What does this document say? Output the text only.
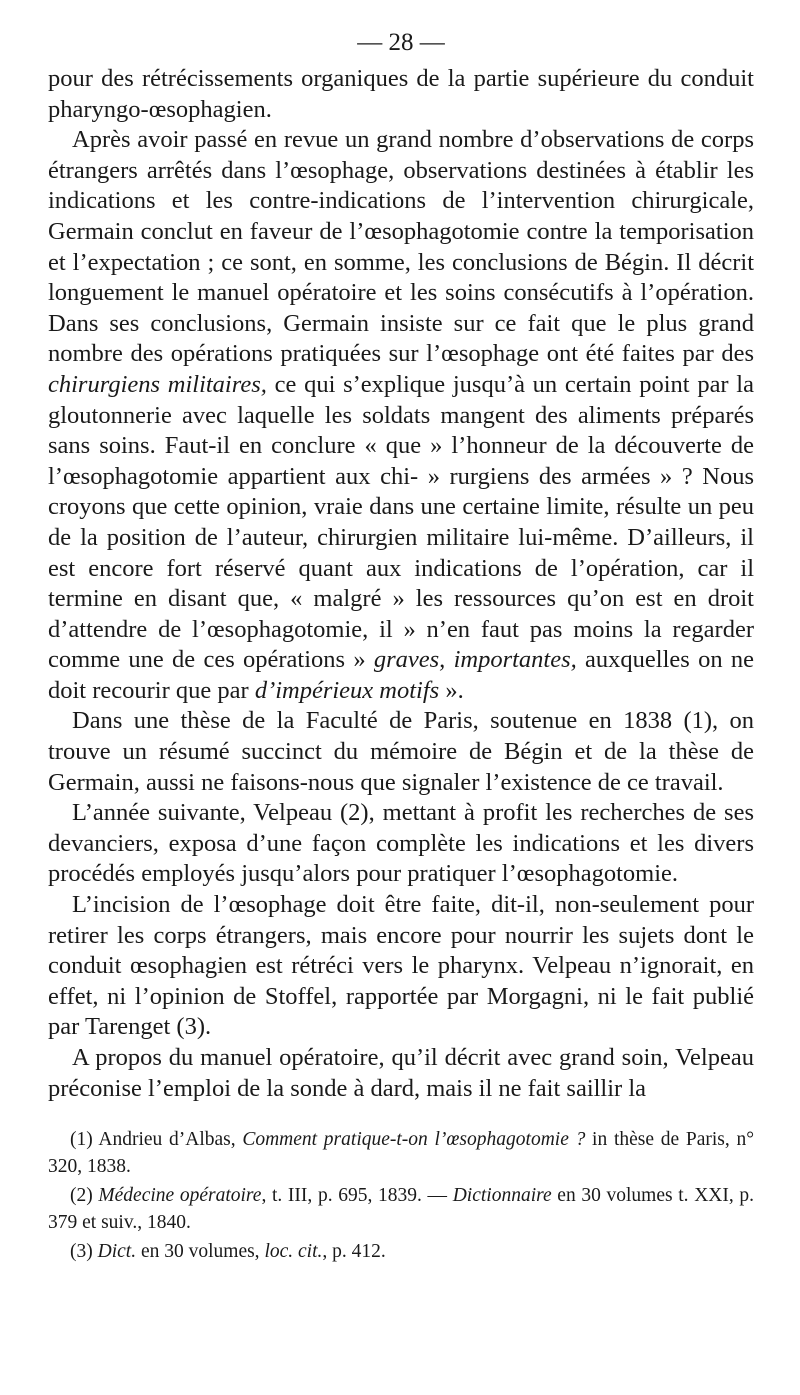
— 28 —

pour des rétrécissements organiques de la partie supérieure du conduit pharyngo-œsophagien.

Après avoir passé en revue un grand nombre d’observations de corps étrangers arrêtés dans l’œsophage, observations destinées à établir les indications et les contre-indications de l’intervention chirurgicale, Germain conclut en faveur de l’œsophagotomie contre la temporisation et l’expectation ; ce sont, en somme, les conclusions de Bégin. Il décrit longuement le manuel opératoire et les soins consécutifs à l’opération. Dans ses conclusions, Germain insiste sur ce fait que le plus grand nombre des opérations pratiquées sur l’œsophage ont été faites par des chirurgiens militaires, ce qui s’explique jusqu’à un certain point par la gloutonnerie avec laquelle les soldats mangent des aliments préparés sans soins. Faut-il en conclure « que » l’honneur de la découverte de l’œsophagotomie appartient aux chi- » rurgiens des armées » ? Nous croyons que cette opinion, vraie dans une certaine limite, résulte un peu de la position de l’auteur, chirurgien militaire lui-même. D’ailleurs, il est encore fort réservé quant aux indications de l’opération, car il termine en disant que, « malgré » les ressources qu’on est en droit d’attendre de l’œsophagotomie, il » n’en faut pas moins la regarder comme une de ces opérations » graves, importantes, auxquelles on ne doit recourir que par d’impérieux motifs ».

Dans une thèse de la Faculté de Paris, soutenue en 1838 (1), on trouve un résumé succinct du mémoire de Bégin et de la thèse de Germain, aussi ne faisons-nous que signaler l’existence de ce travail.

L’année suivante, Velpeau (2), mettant à profit les recherches de ses devanciers, exposa d’une façon complète les indications et les divers procédés employés jusqu’alors pour pratiquer l’œsophagotomie.

L’incision de l’œsophage doit être faite, dit-il, non-seulement pour retirer les corps étrangers, mais encore pour nourrir les sujets dont le conduit œsophagien est rétréci vers le pharynx. Velpeau n’ignorait, en effet, ni l’opinion de Stoffel, rapportée par Morgagni, ni le fait publié par Tarenget (3).

A propos du manuel opératoire, qu’il décrit avec grand soin, Velpeau préconise l’emploi de la sonde à dard, mais il ne fait saillir la

(1) Andrieu d’Albas, Comment pratique-t-on l’œsophagotomie ? in thèse de Paris, n° 320, 1838.

(2) Médecine opératoire, t. III, p. 695, 1839. — Dictionnaire en 30 volumes t. XXI, p. 379 et suiv., 1840.

(3) Dict. en 30 volumes, loc. cit., p. 412.
